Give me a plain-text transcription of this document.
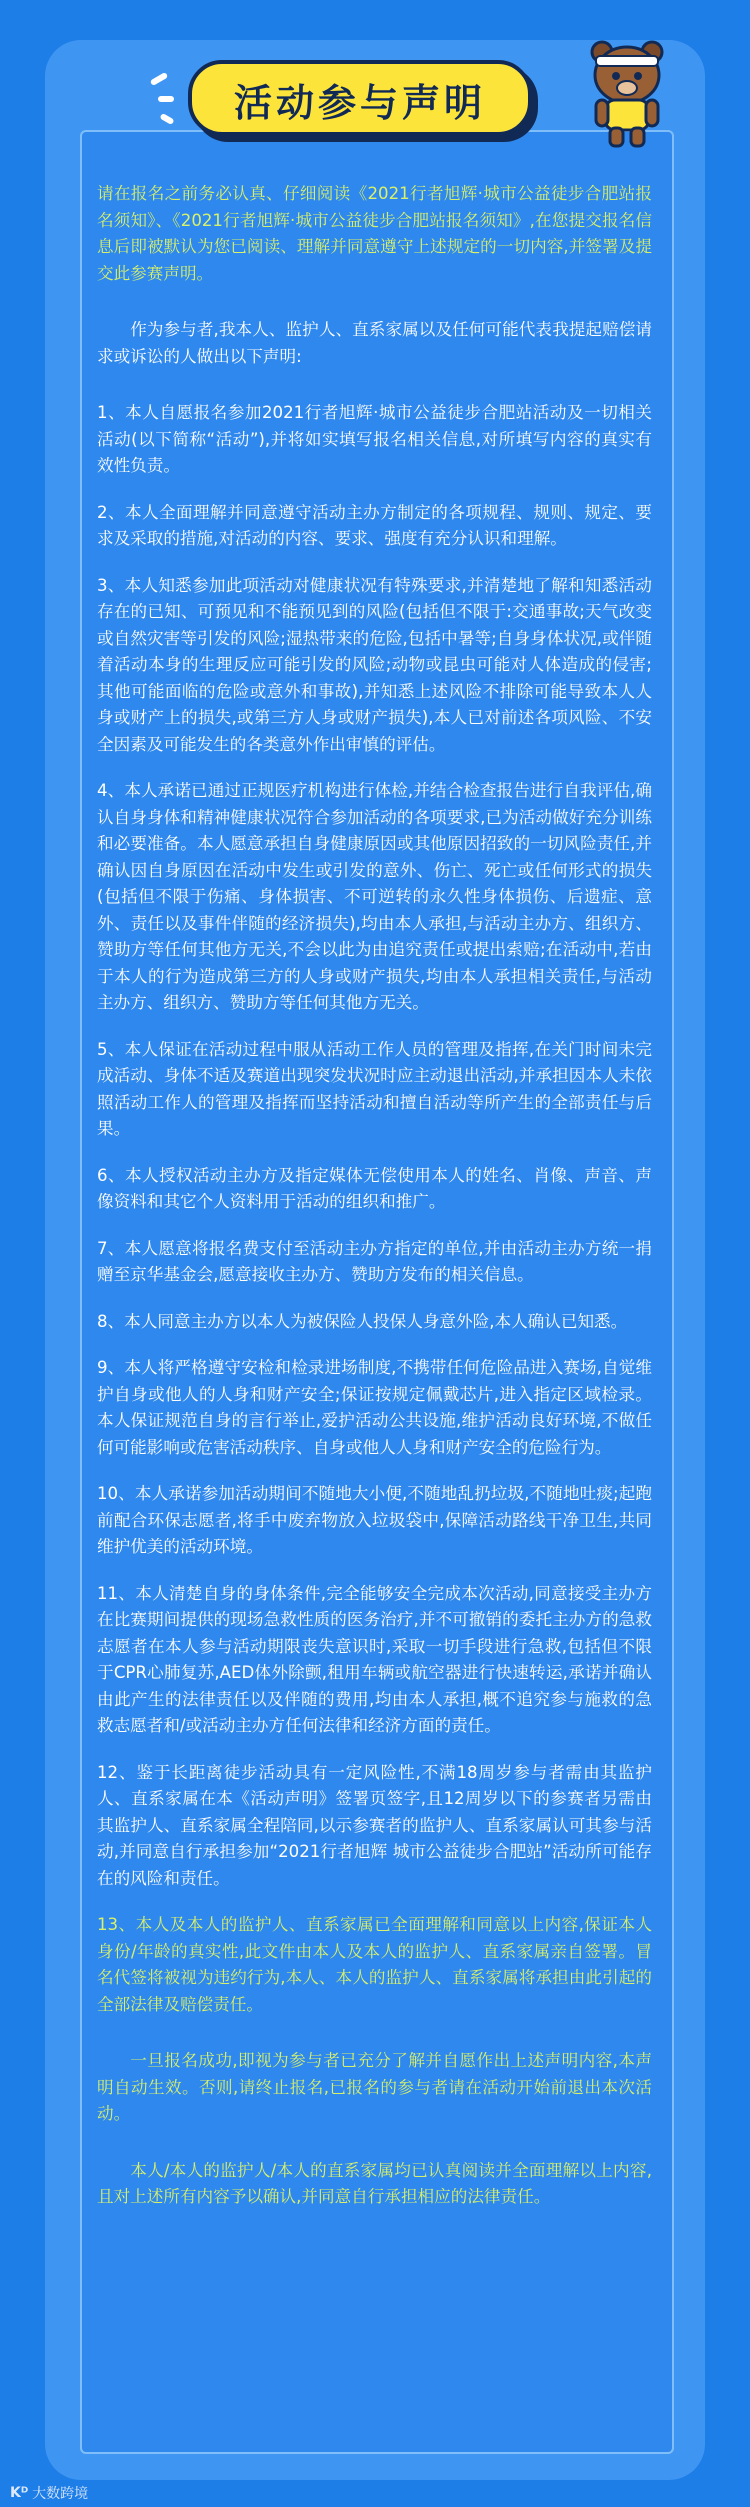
活动参与声明

请在报名之前务必认真、仔细阅读《2021行者旭辉·城市公益徒步合肥站报名须知》、《2021行者旭辉·城市公益徒步合肥站报名须知》,在您提交报名信息后即被默认为您已阅读、理解并同意遵守上述规定的一切内容,并签署及提交此参赛声明。

作为参与者,我本人、监护人、直系家属以及任何可能代表我提起赔偿请求或诉讼的人做出以下声明:

1、本人自愿报名参加2021行者旭辉·城市公益徒步合肥站活动及一切相关活动(以下简称“活动”),并将如实填写报名相关信息,对所填写内容的真实有效性负责。

2、本人全面理解并同意遵守活动主办方制定的各项规程、规则、规定、要求及采取的措施,对活动的内容、要求、强度有充分认识和理解。

3、本人知悉参加此项活动对健康状况有特殊要求,并清楚地了解和知悉活动存在的已知、可预见和不能预见到的风险(包括但不限于:交通事故;天气改变或自然灾害等引发的风险;湿热带来的危险,包括中暑等;自身身体状况,或伴随着活动本身的生理反应可能引发的风险;动物或昆虫可能对人体造成的侵害;其他可能面临的危险或意外和事故),并知悉上述风险不排除可能导致本人人身或财产上的损失,或第三方人身或财产损失),本人已对前述各项风险、不安全因素及可能发生的各类意外作出审慎的评估。

4、本人承诺已通过正规医疗机构进行体检,并结合检查报告进行自我评估,确认自身身体和精神健康状况符合参加活动的各项要求,已为活动做好充分训练和必要准备。本人愿意承担自身健康原因或其他原因招致的一切风险责任,并确认因自身原因在活动中发生或引发的意外、伤亡、死亡或任何形式的损失(包括但不限于伤痛、身体损害、不可逆转的永久性身体损伤、后遗症、意外、责任以及事件伴随的经济损失),均由本人承担,与活动主办方、组织方、赞助方等任何其他方无关,不会以此为由追究责任或提出索赔;在活动中,若由于本人的行为造成第三方的人身或财产损失,均由本人承担相关责任,与活动主办方、组织方、赞助方等任何其他方无关。

5、本人保证在活动过程中服从活动工作人员的管理及指挥,在关门时间未完成活动、身体不适及赛道出现突发状况时应主动退出活动,并承担因本人未依照活动工作人的管理及指挥而坚持活动和擅自活动等所产生的全部责任与后果。

6、本人授权活动主办方及指定媒体无偿使用本人的姓名、肖像、声音、声像资料和其它个人资料用于活动的组织和推广。

7、本人愿意将报名费支付至活动主办方指定的单位,并由活动主办方统一捐赠至京华基金会,愿意接收主办方、赞助方发布的相关信息。

8、本人同意主办方以本人为被保险人投保人身意外险,本人确认已知悉。

9、本人将严格遵守安检和检录进场制度,不携带任何危险品进入赛场,自觉维护自身或他人的人身和财产安全;保证按规定佩戴芯片,进入指定区域检录。本人保证规范自身的言行举止,爱护活动公共设施,维护活动良好环境,不做任何可能影响或危害活动秩序、自身或他人人身和财产安全的危险行为。

10、本人承诺参加活动期间不随地大小便,不随地乱扔垃圾,不随地吐痰;起跑前配合环保志愿者,将手中废弃物放入垃圾袋中,保障活动路线干净卫生,共同维护优美的活动环境。

11、本人清楚自身的身体条件,完全能够安全完成本次活动,同意接受主办方在比赛期间提供的现场急救性质的医务治疗,并不可撤销的委托主办方的急救志愿者在本人参与活动期限丧失意识时,采取一切手段进行急救,包括但不限于CPR心肺复苏,AED体外除颤,租用车辆或航空器进行快速转运,承诺并确认由此产生的法律责任以及伴随的费用,均由本人承担,概不追究参与施救的急救志愿者和/或活动主办方任何法律和经济方面的责任。

12、鉴于长距离徒步活动具有一定风险性,不满18周岁参与者需由其监护人、直系家属在本《活动声明》签署页签字,且12周岁以下的参赛者另需由其监护人、直系家属全程陪同,以示参赛者的监护人、直系家属认可其参与活动,并同意自行承担参加“2021行者旭辉 城市公益徒步合肥站”活动所可能存在的风险和责任。

13、本人及本人的监护人、直系家属已全面理解和同意以上内容,保证本人身份/年龄的真实性,此文件由本人及本人的监护人、直系家属亲自签署。冒名代签将被视为违约行为,本人、本人的监护人、直系家属将承担由此引起的全部法律及赔偿责任。

一旦报名成功,即视为参与者已充分了解并自愿作出上述声明内容,本声明自动生效。否则,请终止报名,已报名的参与者请在活动开始前退出本次活动。

本人/本人的监护人/本人的直系家属均已认真阅读并全面理解以上内容,且对上述所有内容予以确认,并同意自行承担相应的法律责任。

Kᴰ 大数跨境
